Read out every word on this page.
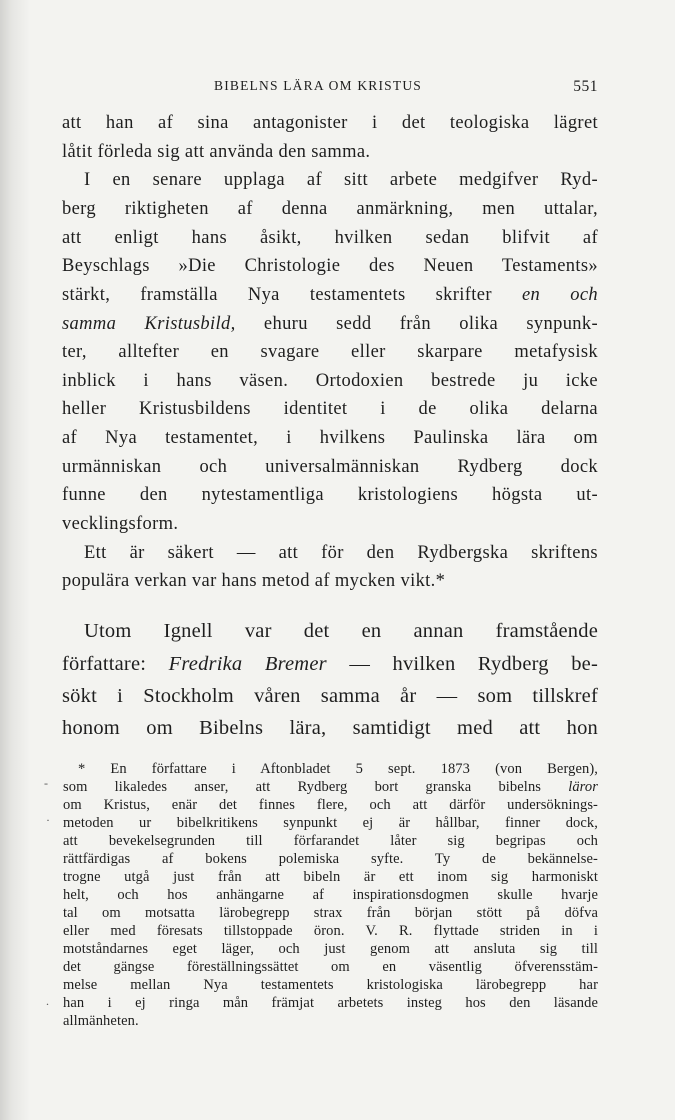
BIBELNS LÄRA OM KRISTUS	551
att han af sina antagonister i det teologiska lägret
låtit förleda sig att använda den samma.
I en senare upplaga af sitt arbete medgifver Ryd-
berg riktigheten af denna anmärkning, men uttalar,
att enligt hans åsikt, hvilken sedan blifvit af
Beyschlags »Die Christologie des Neuen Testaments»
stärkt, framställa Nya testamentets skrifter en och
samma Kristusbild, ehuru sedd från olika synpunk-
ter, alltefter en svagare eller skarpare metafysisk
inblick i hans väsen. Ortodoxien bestrede ju icke
heller Kristusbildens identitet i de olika delarna
af Nya testamentet, i hvilkens Paulinska lära om
urmänniskan och universalmänniskan Rydberg dock
funne den nytestamentliga kristologiens högsta ut-
vecklingsform.
Ett är säkert — att för den Rydbergska skriftens
populära verkan var hans metod af mycken vikt.*
Utom Ignell var det en annan framstående
författare: Fredrika Bremer — hvilken Rydberg be-
sökt i Stockholm våren samma år — som tillskref
honom om Bibelns lära, samtidigt med att hon
-
·
.
* En författare i Aftonbladet 5 sept. 1873 (von Bergen),
som likaledes anser, att Rydberg bort granska bibelns läror
om Kristus, enär det finnes flere, och att därför undersöknings-
metoden ur bibelkritikens synpunkt ej är hållbar, finner dock,
att bevekelsegrunden till förfarandet låter sig begripas och
rättfärdigas af bokens polemiska syfte. Ty de bekännelse-
trogne utgå just från att bibeln är ett inom sig harmoniskt
helt, och hos anhängarne af inspirationsdogmen skulle hvarje
tal om motsatta lärobegrepp strax från början stött på döfva
eller med föresats tillstoppade öron. V. R. flyttade striden in i
motståndarnes eget läger, och just genom att ansluta sig till
det gängse föreställningssättet om en väsentlig öfverensstäm-
melse mellan Nya testamentets kristologiska lärobegrepp har
han i ej ringa mån främjat arbetets insteg hos den läsande
allmänheten.
